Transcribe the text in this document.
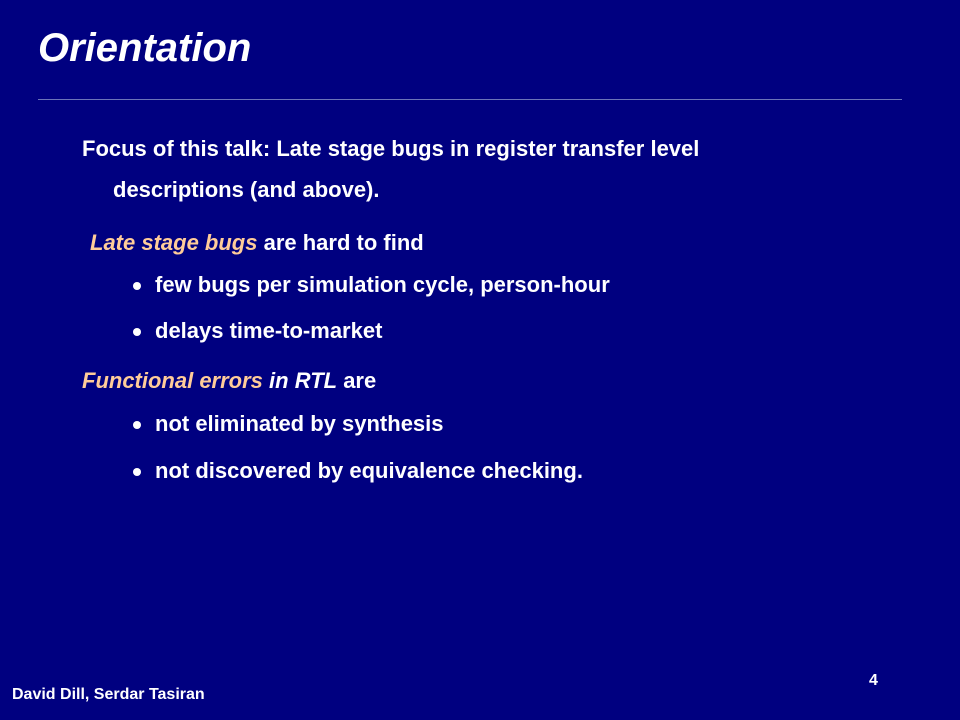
Orientation
Focus of this talk: Late stage bugs in register transfer level
descriptions (and above).
Late stage bugs are hard to find
few bugs per simulation cycle, person-hour
delays time-to-market
Functional errors in RTL are
not eliminated by synthesis
not discovered by equivalence checking.
David Dill, Serdar Tasiran
4
